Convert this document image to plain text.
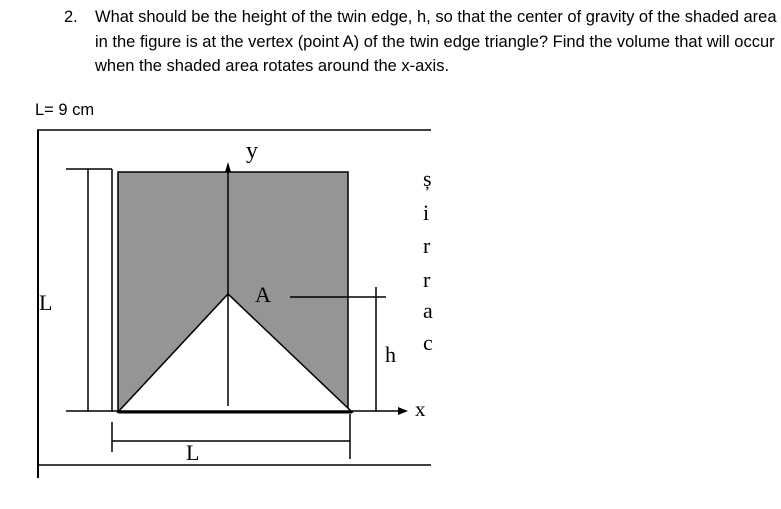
2. What should be the height of the twin edge, h, so that the center of gravity of the shaded area in the figure is at the vertex (point A) of the twin edge triangle? Find the volume that will occur when the shaded area rotates around the x-axis.
L= 9 cm
y
A
h
x
L
L
ș
i
r
r
a
c
